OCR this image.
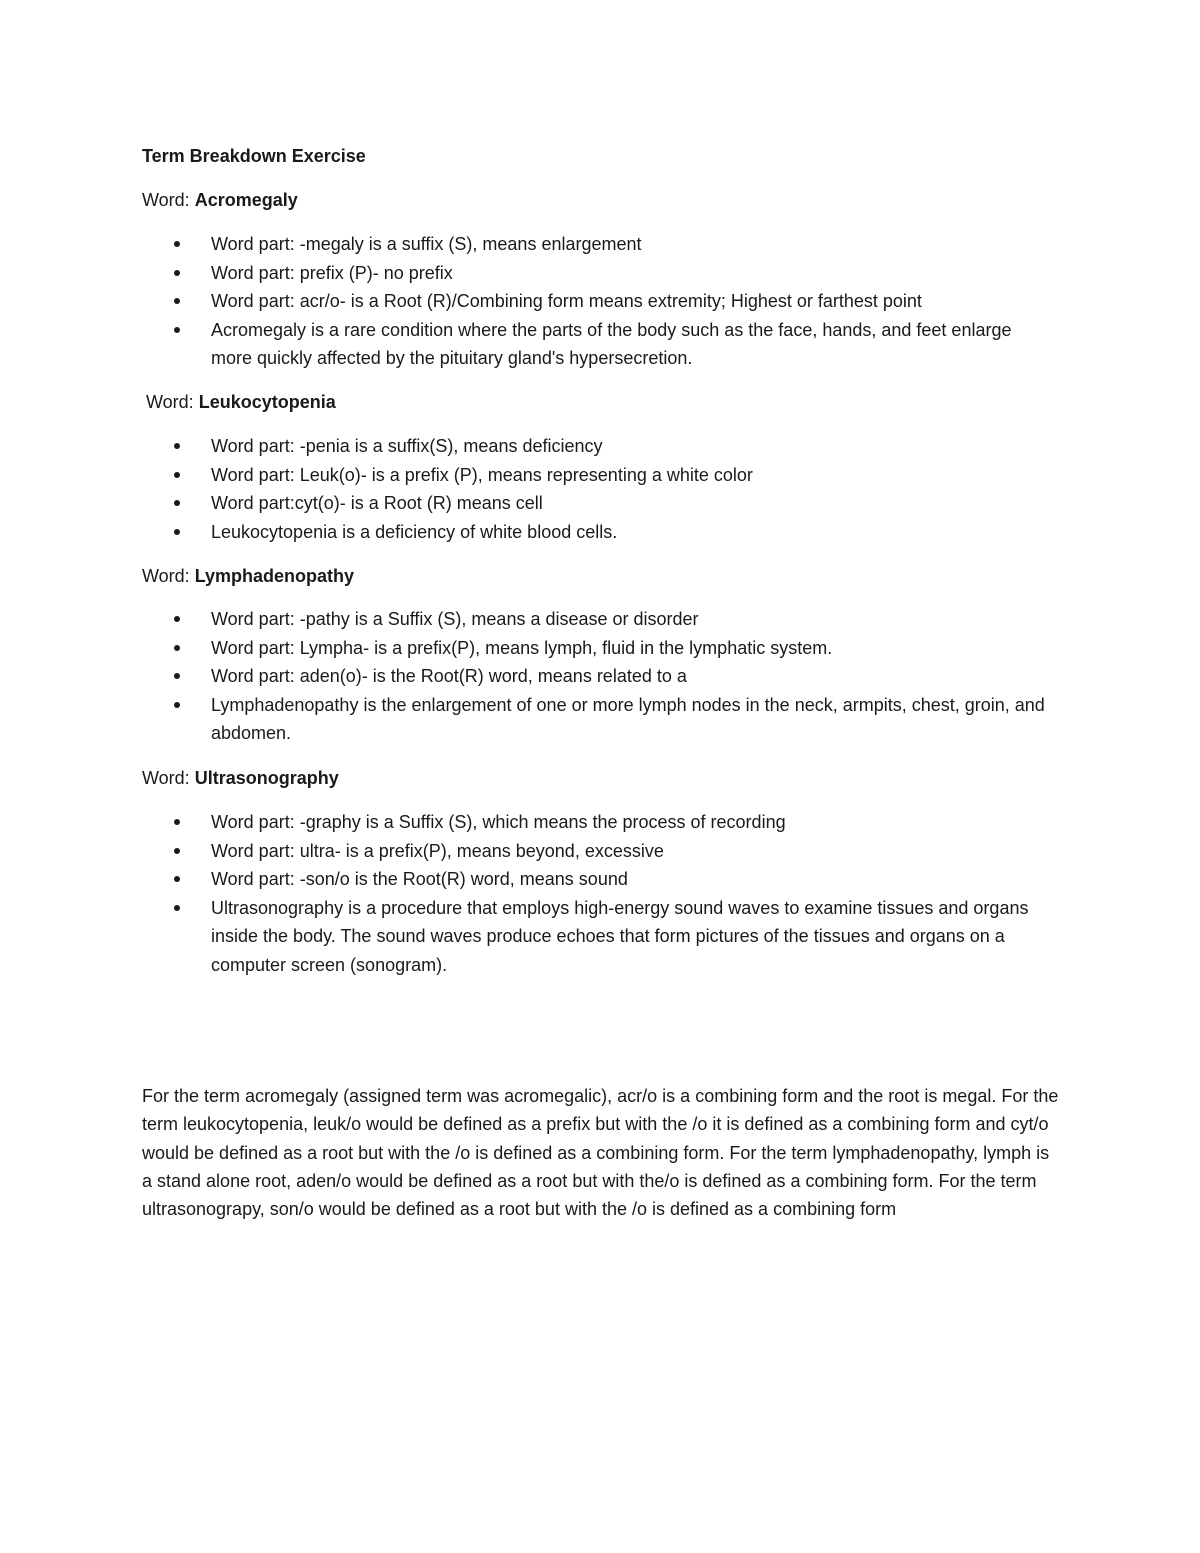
Term Breakdown Exercise
Word: Acromegaly
Word part: -megaly is a suffix (S), means enlargement
Word part: prefix (P)- no prefix
Word part: acr/o- is a Root (R)/Combining form means extremity; Highest or farthest point
Acromegaly is a rare condition where the parts of the body such as the face, hands, and feet enlarge more quickly affected by the pituitary gland's hypersecretion.
Word: Leukocytopenia
Word part: -penia is a suffix(S), means deficiency
Word part: Leuk(o)- is a prefix (P), means representing a white color
Word part:cyt(o)- is a Root (R) means cell
Leukocytopenia is a deficiency of white blood cells.
Word: Lymphadenopathy
Word part: -pathy is a Suffix (S), means a disease or disorder
Word part: Lympha- is a prefix(P), means lymph, fluid in the lymphatic system.
Word part: aden(o)- is the Root(R) word, means related to a
Lymphadenopathy is the enlargement of one or more lymph nodes in the neck, armpits, chest, groin, and abdomen.
Word: Ultrasonography
Word part: -graphy is a Suffix (S), which means the process of recording
Word part: ultra- is a prefix(P), means beyond, excessive
Word part: -son/o is the Root(R) word, means sound
Ultrasonography is a procedure that employs high-energy sound waves to examine tissues and organs inside the body. The sound waves produce echoes that form pictures of the tissues and organs on a computer screen (sonogram).

For the term acromegaly (assigned term was acromegalic), acr/o is a combining form and the root is megal. For the term leukocytopenia, leuk/o would be defined as a prefix but with the /o it is defined as a combining form and cyt/o would be defined as a root but with the /o is defined as a combining form. For the term lymphadenopathy, lymph is a stand alone root, aden/o would be defined as a root but with the/o is defined as a combining form. For the term ultrasonograpy, son/o would be defined as a root but with the /o is defined as a combining form
